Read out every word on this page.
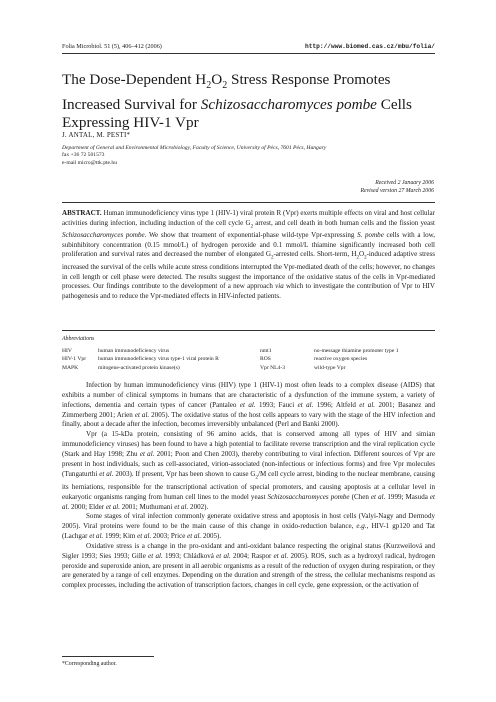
Folia Microbiol. 51 (5), 406–412 (2006)	http://www.biomed.cas.cz/mbu/folia/
The Dose-Dependent $H_2O_2$ Stress Response Promotes
Increased Survival for Schizosaccharomyces pombe Cells
Expressing HIV-1 Vpr
J. ANTAL, M. PESTI*
Department of General and Environmental Microbiology, Faculty of Science, University of Pécs, 7601 Pécs, Hungary
fax +36 72 501573
e-mail micro@ttk.pte.hu
Received 2 January 2006
Revised version 27 March 2006
ABSTRACT. Human immunodeficiency virus type 1 (HIV-1) viral protein R (Vpr) exerts multiple effects on viral and host cellular activities during infection, including induction of the cell cycle $G_2$ arrest, and cell death in both human cells and the fission yeast Schizosaccharomyces pombe. We show that treament of exponential-phase wild-type Vpr-expressing S. pombe cells with a low, subinhibitory concentration (0.15 mmol/L) of hydrogen peroxide and 0.1 mmol/L thiamine significantly increased both cell proliferation and survival rates and decreased the number of elongated $G_2$-arrested cells. Short-term, $H_2O_2$-induced adaptive stress increased the survival of the cells while acute stress conditions interrupted the Vpr-mediated death of the cells; however, no changes in cell length or cell phase were detected. The results suggest the importance of the oxidative status of the cells in Vpr-mediated processes. Our findings contribute to the development of a new approach via which to investigate the contribution of Vpr to HIV pathogenesis and to reduce the Vpr-mediated effects in HIV-infected patients.
Abbreviations
HIV	human immunodeficiency virus
HIV-1 Vpr human immunodeficiency virus type-1 viral protein R
MAPK	mitogene-activated protein kinase(s)
nmt1	no-message thiamine promoter type 1
ROS	reactive oxygen species
Vpr NL4-3	wild-type Vpr

Infection by human immunodeficiency virus (HIV) type 1 (HIV-1) most often leads to a complex disease (AIDS) that exhibits a number of clinical symptoms in humans that are characteristic of a dysfunction of the immune system, a variety of infections, dementia and certain types of cancer (Pantaleo et al. 1993; Fauci et al. 1996; Altfeld et al. 2001; Basanez and Zimmerberg 2001; Arien et al. 2005). The oxidative status of the host cells appears to vary with the stage of the HIV infection and finally, about a decade after the infection, becomes irreversibly unbalanced (Perl and Banki 2000).

Vpr (a 15-kDa protein, consisting of 96 amino acids, that is conserved among all types of HIV and simian immunodeficiency viruses) has been found to have a high potential to facilitate reverse transcription and the viral replication cycle (Stark and Hay 1998; Zhu et al. 2001; Poon and Chen 2003), thereby contributing to viral infection. Different sources of Vpr are present in host individuals, such as cell-associated, virion-associated (non-infectious or infectious forms) and free Vpr molecules (Tungaturthi et al. 2003). If present, Vpr has been shown to cause $G_2/M$ cell cycle arrest, binding to the nuclear membrane, causing its herniations, responsible for the transcriptional activation of special promoters, and causing apoptosis at a cellular level in eukaryotic organisms ranging from human cell lines to the model yeast Schizosaccharomyces pombe (Chen et al. 1999; Masuda et al. 2000; Elder et al. 2001; Muthumani et al. 2002).

Some stages of viral infection commonly generate oxidative stress and apoptosis in host cells (Valyi-Nagy and Dermody 2005). Viral proteins were found to be the main cause of this change in oxido-reduction balance, e.g., HIV-1 gp120 and Tat (Lachgar et al. 1999; Kim et al. 2003; Price et al. 2005).

Oxidative stress is a change in the pro-oxidant and anti-oxidant balance respecting the original status (Kurzweilová and Sigler 1993; Sies 1993; Gille et al. 1993; Chládková et al. 2004; Raspor et al. 2005). ROS, such as a hydroxyl radical, hydrogen peroxide and superoxide anion, are present in all aerobic organisms as a result of the reduction of oxygen during respiration, or they are generated by a range of cell enzymes. Depending on the duration and strength of the stress, the cellular mechanisms respond as complex processes, including the activation of transcription factors, changes in cell cycle, gene expression, or the activation of

*Corresponding author.
